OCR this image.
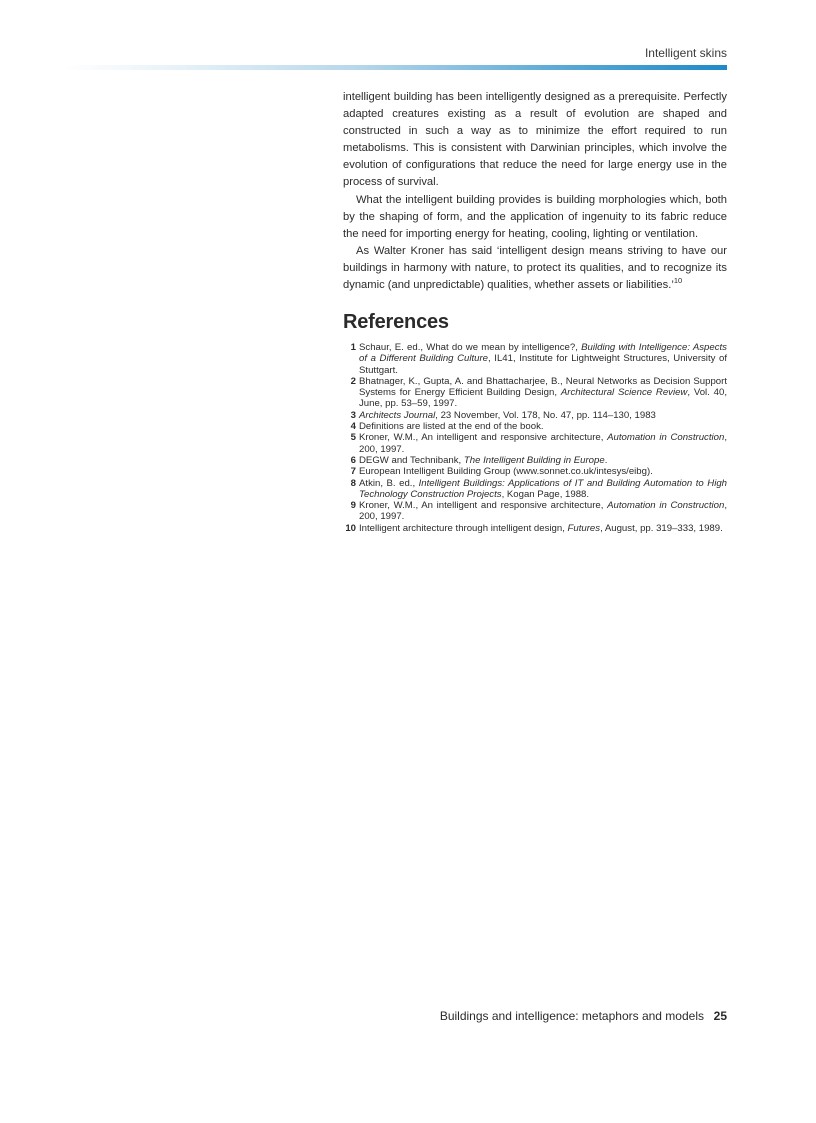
Intelligent skins

intelligent building has been intelligently designed as a prerequisite. Perfectly adapted creatures existing as a result of evolution are shaped and constructed in such a way as to minimize the effort required to run metabolisms. This is consistent with Darwinian principles, which involve the evolution of configurations that reduce the need for large energy use in the process of survival.

What the intelligent building provides is building morphologies which, both by the shaping of form, and the application of ingenuity to its fabric reduce the need for importing energy for heating, cooling, lighting or ventilation.

As Walter Kroner has said ‘intelligent design means striving to have our buildings in harmony with nature, to protect its qualities, and to recognize its dynamic (and unpredictable) qualities, whether assets or liabilities.’$^{10}$

References
1 Schaur, E. ed., What do we mean by intelligence?, Building with Intelligence: Aspects of a Different Building Culture, IL41, Institute for Lightweight Structures, University of Stuttgart.
2 Bhatnager, K., Gupta, A. and Bhattacharjee, B., Neural Networks as Decision Support Systems for Energy Efficient Building Design, Architectural Science Review, Vol. 40, June, pp. 53–59, 1997.
3 Architects Journal, 23 November, Vol. 178, No. 47, pp. 114–130, 1983
4 Definitions are listed at the end of the book.
5 Kroner, W.M., An intelligent and responsive architecture, Automation in Construction, 200, 1997.
6 DEGW and Technibank, The Intelligent Building in Europe.
7 European Intelligent Building Group (www.sonnet.co.uk/intesys/eibg).
8 Atkin, B. ed., Intelligent Buildings: Applications of IT and Building Automation to High Technology Construction Projects, Kogan Page, 1988.
9 Kroner, W.M., An intelligent and responsive architecture, Automation in Construction, 200, 1997.
10 Intelligent architecture through intelligent design, Futures, August, pp. 319–333, 1989.
Buildings and intelligence: metaphors and models 25
